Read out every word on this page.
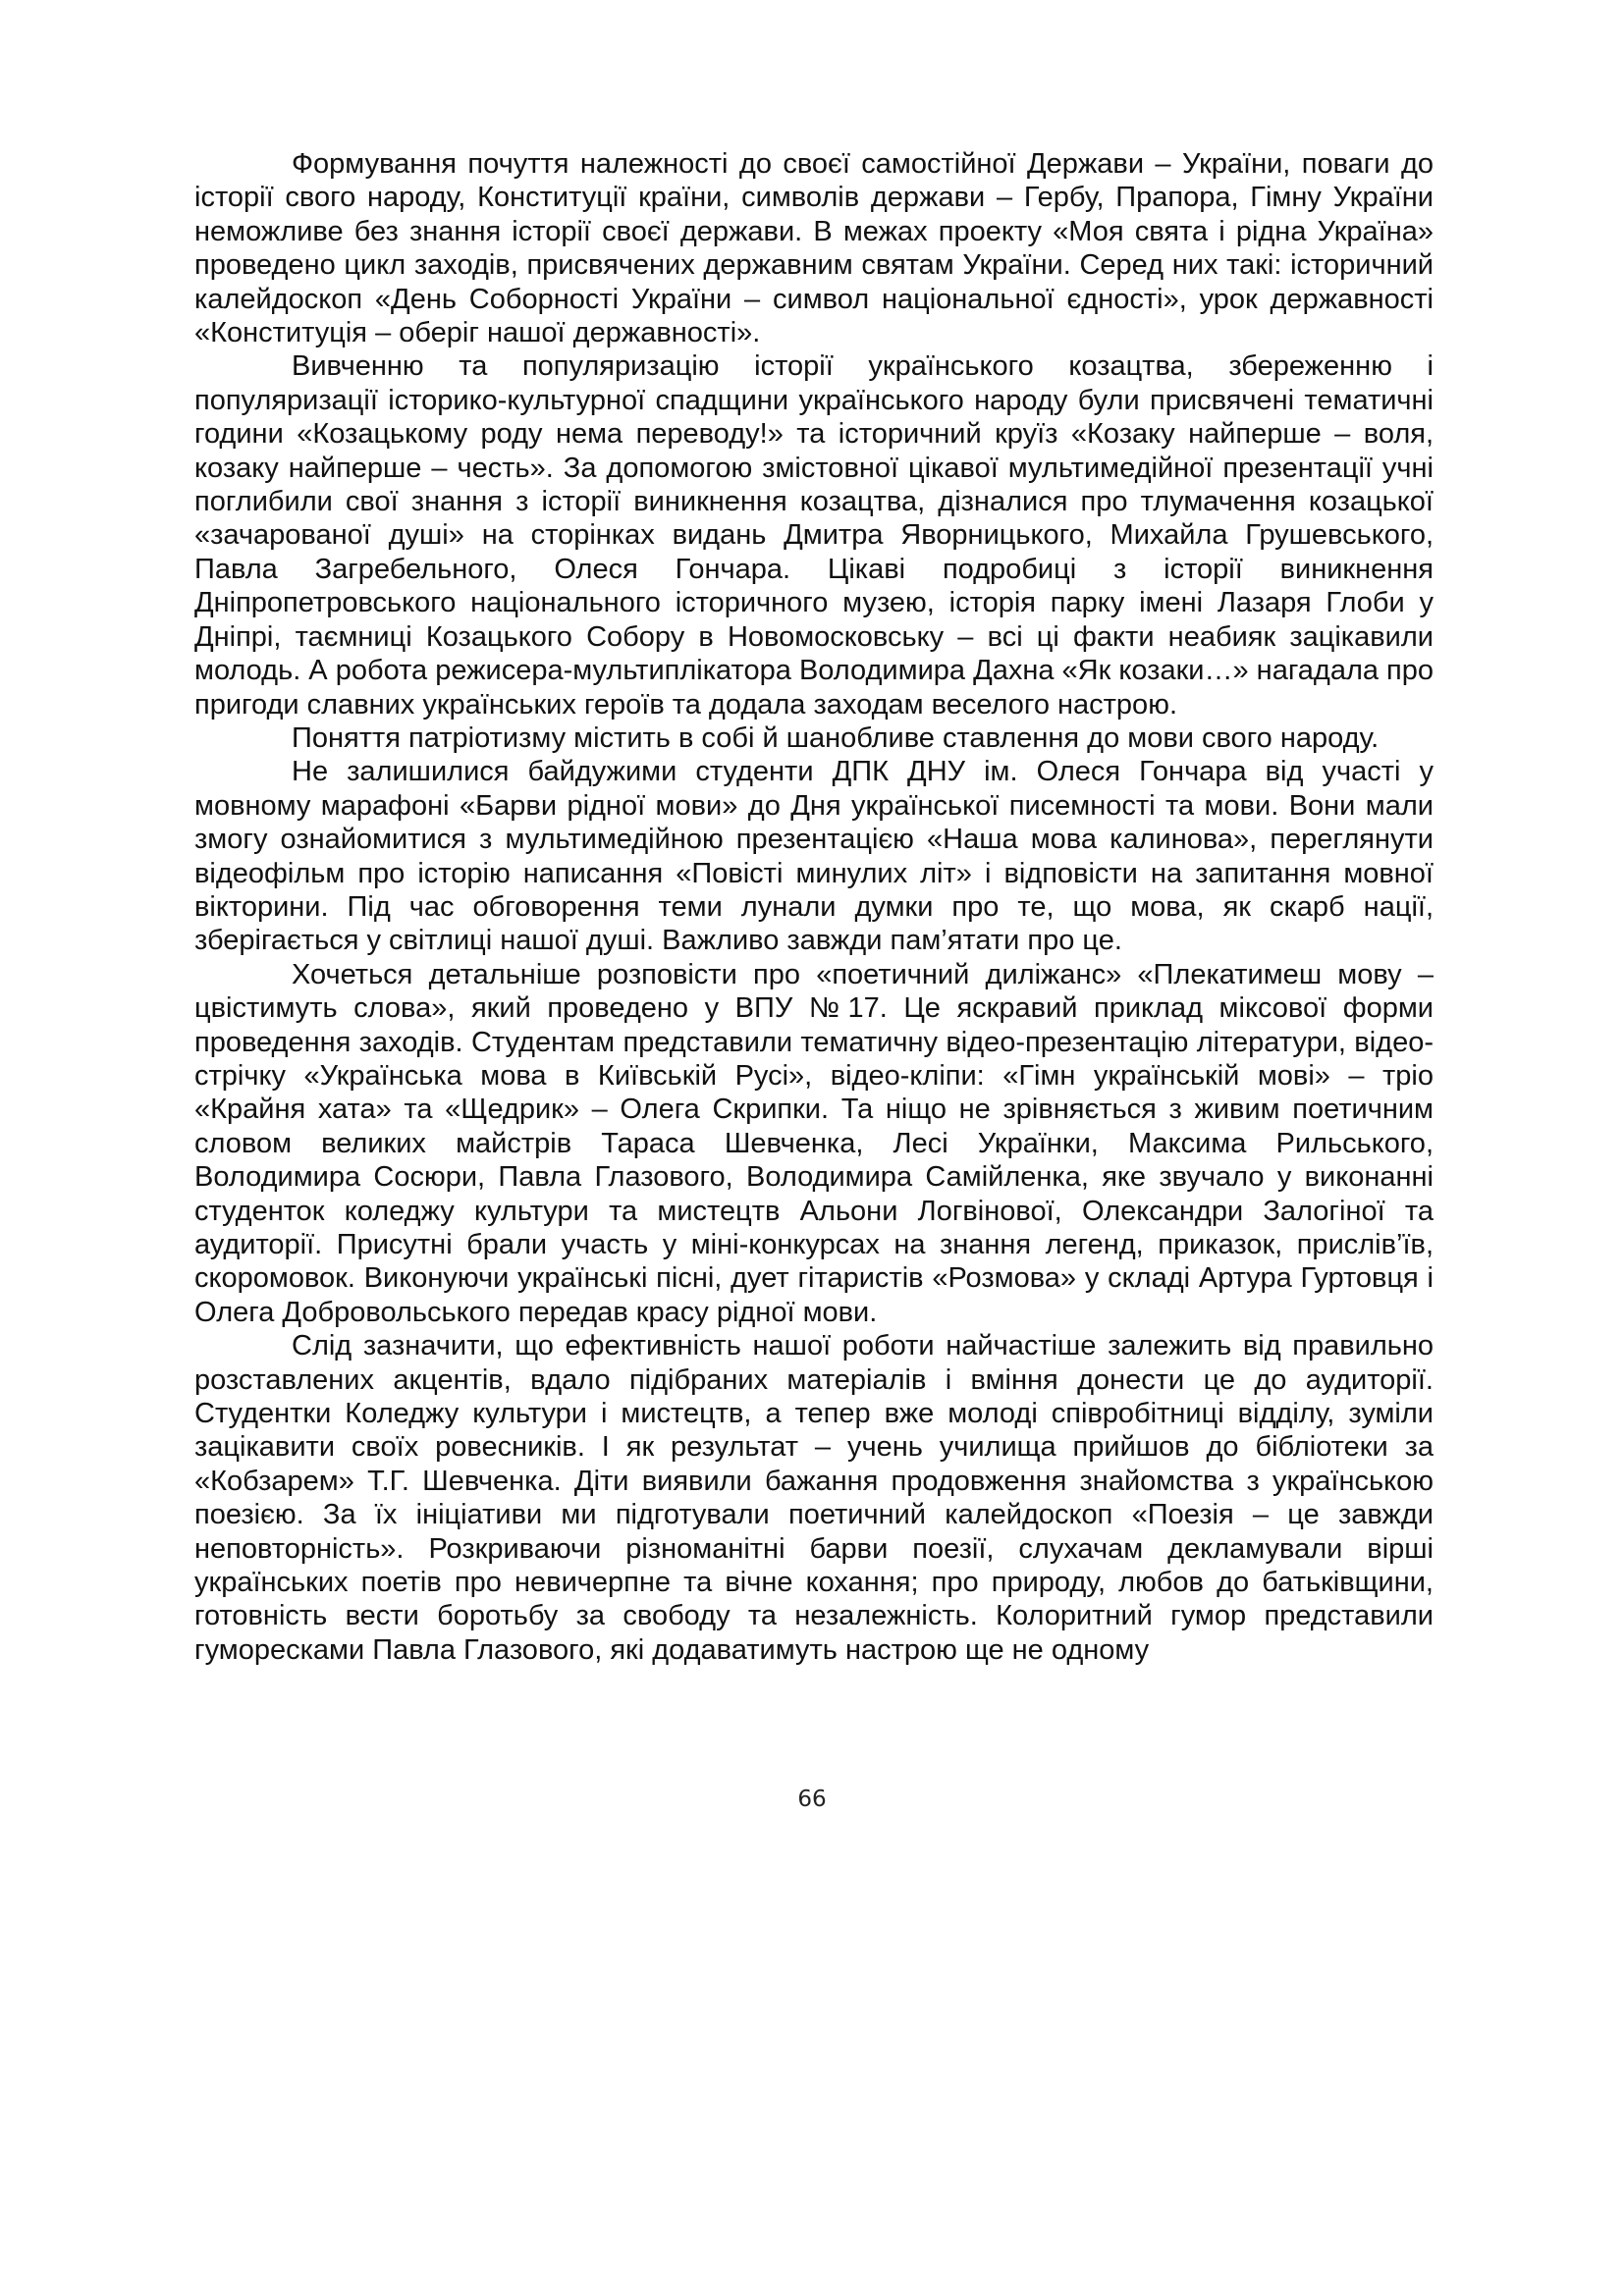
Формування почуття належності до своєї самостійної Держави – України, поваги до історії свого народу, Конституції країни, символів держави – Гербу, Прапора, Гімну України неможливе без знання історії своєї держави. В межах проекту «Моя свята і рідна Україна» проведено цикл заходів, присвячених державним святам України. Серед них такі: історичний калейдоскоп «День Соборності України – символ національної єдності», урок державності «Конституція – оберіг нашої державності».

Вивченню та популяризацію історії українського козацтва, збереженню і популяризації історико-культурної спадщини українського народу були присвячені тематичні години «Козацькому роду нема переводу!» та історичний круїз «Козаку найперше – воля, козаку найперше – честь». За допомогою змістовної цікавої мультимедійної презентації учні поглибили свої знання з історії виникнення козацтва, дізналися про тлумачення козацької «зачарованої душі» на сторінках видань Дмитра Яворницького, Михайла Грушевського, Павла Загребельного, Олеся Гончара. Цікаві подробиці з історії виникнення Дніпропетровського національного історичного музею, історія парку імені Лазаря Глоби у Дніпрі, таємниці Козацького Собору в Новомосковську – всі ці факти неабияк зацікавили молодь. А робота режисера-мультиплікатора Володимира Дахна «Як козаки…» нагадала про пригоди славних українських героїв та додала заходам веселого настрою.

Поняття патріотизму містить в собі й шанобливе ставлення до мови свого народу.

Не залишилися байдужими студенти ДПК ДНУ ім. Олеся Гончара від участі у мовному марафоні «Барви рідної мови» до Дня української писемності та мови. Вони мали змогу ознайомитися з мультимедійною презентацією «Наша мова калинова», переглянути відеофільм про історію написання «Повісті минулих літ» і відповісти на запитання мовної вікторини. Під час обговорення теми лунали думки про те, що мова, як скарб нації, зберігається у світлиці нашої душі. Важливо завжди пам’ятати про це.

Хочеться детальніше розповісти про «поетичний диліжанс» «Плекатимеш мову – цвістимуть слова», який проведено у ВПУ №17. Це яскравий приклад міксової форми проведення заходів. Студентам представили тематичну відео-презентацію літератури, відео-стрічку «Українська мова в Київській Русі», відео-кліпи: «Гімн українській мові» – тріо «Крайня хата» та «Щедрик» – Олега Скрипки. Та ніщо не зрівняється з живим поетичним словом великих майстрів Тараса Шевченка, Лесі Українки, Максима Рильського, Володимира Сосюри, Павла Глазового, Володимира Самійленка, яке звучало у виконанні студенток коледжу культури та мистецтв Альони Логвінової, Олександри Залогіної та аудиторії. Присутні брали участь у міні-конкурсах на знання легенд, приказок, прислів’їв, скоромовок. Виконуючи українські пісні, дует гітаристів «Розмова» у складі Артура Гуртовця і Олега Добровольського передав красу рідної мови.

Слід зазначити, що ефективність нашої роботи найчастіше залежить від правильно розставлених акцентів, вдало підібраних матеріалів і вміння донести це до аудиторії. Студентки Коледжу культури і мистецтв, а тепер вже молоді співробітниці відділу, зуміли зацікавити своїх ровесників. І як результат – учень училища прийшов до бібліотеки за «Кобзарем» Т.Г. Шевченка. Діти виявили бажання продовження знайомства з українською поезією. За їх ініціативи ми підготували поетичний калейдоскоп «Поезія – це завжди неповторність». Розкриваючи різноманітні барви поезії, слухачам декламували вірші українських поетів про невичерпне та вічне кохання; про природу, любов до батьківщини, готовність вести боротьбу за свободу та незалежність. Колоритний гумор представили гуморесками Павла Глазового, які додаватимуть настрою ще не одному

66
